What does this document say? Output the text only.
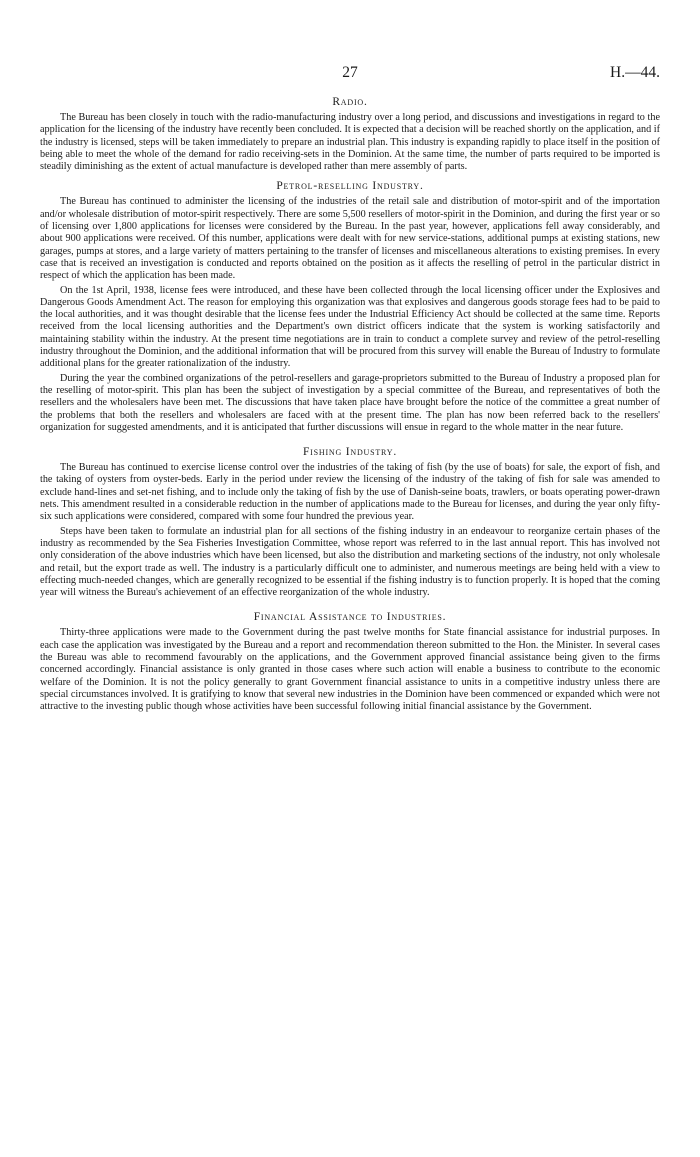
27	H.—44.
Radio.

The Bureau has been closely in touch with the radio-manufacturing industry over a long period, and discussions and investigations in regard to the application for the licensing of the industry have recently been concluded. It is expected that a decision will be reached shortly on the application, and if the industry is licensed, steps will be taken immediately to prepare an industrial plan. This industry is expanding rapidly to place itself in the position of being able to meet the whole of the demand for radio receiving-sets in the Dominion. At the same time, the number of parts required to be imported is steadily diminishing as the extent of actual manufacture is developed rather than mere assembly of parts.

Petrol-reselling Industry.

The Bureau has continued to administer the licensing of the industries of the retail sale and distribution of motor-spirit and of the importation and/or wholesale distribution of motor-spirit respectively. There are some 5,500 resellers of motor-spirit in the Dominion, and during the first year or so of licensing over 1,800 applications for licenses were considered by the Bureau. In the past year, however, applications fell away considerably, and about 900 applications were received. Of this number, applications were dealt with for new service-stations, additional pumps at existing stations, new garages, pumps at stores, and a large variety of matters pertaining to the transfer of licenses and miscellaneous alterations to existing premises. In every case that is received an investigation is conducted and reports obtained on the position as it affects the reselling of petrol in the particular district in respect of which the application has been made.

On the 1st April, 1938, license fees were introduced, and these have been collected through the local licensing officer under the Explosives and Dangerous Goods Amendment Act. The reason for employing this organization was that explosives and dangerous goods storage fees had to be paid to the local authorities, and it was thought desirable that the license fees under the Industrial Efficiency Act should be collected at the same time. Reports received from the local licensing authorities and the Department's own district officers indicate that the system is working satisfactorily and maintaining stability within the industry. At the present time negotiations are in train to conduct a complete survey and review of the petrol-reselling industry throughout the Dominion, and the additional information that will be procured from this survey will enable the Bureau of Industry to formulate additional plans for the greater rationalization of the industry.

During the year the combined organizations of the petrol-resellers and garage-proprietors submitted to the Bureau of Industry a proposed plan for the reselling of motor-spirit. This plan has been the subject of investigation by a special committee of the Bureau, and representatives of both the resellers and the wholesalers have been met. The discussions that have taken place have brought before the notice of the committee a great number of the problems that both the resellers and wholesalers are faced with at the present time. The plan has now been referred back to the resellers' organization for suggested amendments, and it is anticipated that further discussions will ensue in regard to the whole matter in the near future.

Fishing Industry.

The Bureau has continued to exercise license control over the industries of the taking of fish (by the use of boats) for sale, the export of fish, and the taking of oysters from oyster-beds. Early in the period under review the licensing of the industry of the taking of fish for sale was amended to exclude hand-lines and set-net fishing, and to include only the taking of fish by the use of Danish-seine boats, trawlers, or boats operating power-drawn nets. This amendment resulted in a considerable reduction in the number of applications made to the Bureau for licenses, and during the year only fifty-six such applications were considered, compared with some four hundred the previous year.

Steps have been taken to formulate an industrial plan for all sections of the fishing industry in an endeavour to reorganize certain phases of the industry as recommended by the Sea Fisheries Investigation Committee, whose report was referred to in the last annual report. This has involved not only consideration of the above industries which have been licensed, but also the distribution and marketing sections of the industry, not only wholesale and retail, but the export trade as well. The industry is a particularly difficult one to administer, and numerous meetings are being held with a view to effecting much-needed changes, which are generally recognized to be essential if the fishing industry is to function properly. It is hoped that the coming year will witness the Bureau's achievement of an effective reorganization of the whole industry.

Financial Assistance to Industries.

Thirty-three applications were made to the Government during the past twelve months for State financial assistance for industrial purposes. In each case the application was investigated by the Bureau and a report and recommendation thereon submitted to the Hon. the Minister. In several cases the Bureau was able to recommend favourably on the applications, and the Government approved financial assistance being given to the firms concerned accordingly. Financial assistance is only granted in those cases where such action will enable a business to contribute to the economic welfare of the Dominion. It is not the policy generally to grant Government financial assistance to units in a competitive industry unless there are special circumstances involved. It is gratifying to know that several new industries in the Dominion have been commenced or expanded which were not attractive to the investing public though whose activities have been successful following initial financial assistance by the Government.
